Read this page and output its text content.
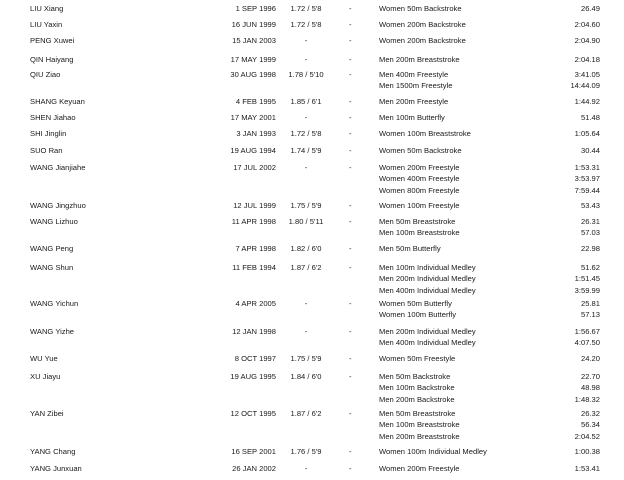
LIU Xiang	1 SEP 1996	1.72 / 5'8	-	Women 50m Backstroke	26.49
LIU Yaxin	16 JUN 1999	1.72 / 5'8	-	Women 200m Backstroke	2:04.60
PENG Xuwei	15 JAN 2003	-	-	Women 200m Backstroke	2:04.90
QIN Haiyang	17 MAY 1999	-	-	Men 200m Breaststroke	2:04.18
QIU Ziao	30 AUG 1998	1.78 / 5'10	-	Men 400m Freestyle	3:41.05
Men 1500m Freestyle	14:44.09
SHANG Keyuan	4 FEB 1995	1.85 / 6'1	-	Men 200m Freestyle	1:44.92
SHEN Jiahao	17 MAY 2001	-	-	Men 100m Butterfly	51.48
SHI Jinglin	3 JAN 1993	1.72 / 5'8	-	Women 100m Breaststroke	1:05.64
SUO Ran	19 AUG 1994	1.74 / 5'9	-	Women 50m Backstroke	30.44
WANG Jianjiahe	17 JUL 2002	-	-	Women 200m Freestyle	1:53.31
Women 400m Freestyle	3:53.97
Women 800m Freestyle	7:59.44
WANG Jingzhuo	12 JUL 1999	1.75 / 5'9	-	Women 100m Freestyle	53.43
WANG Lizhuo	11 APR 1998	1.80 / 5'11	-	Men 50m Breaststroke	26.31
Men 100m Breaststroke	57.03
WANG Peng	7 APR 1998	1.82 / 6'0	-	Men 50m Butterfly	22.98
WANG Shun	11 FEB 1994	1.87 / 6'2	-	Men 100m Individual Medley	51.62
Men 200m Individual Medley	1:51.45
Men 400m Individual Medley	3:59.99
WANG Yichun	4 APR 2005	-	-	Women 50m Butterfly	25.81
Women 100m Butterfly	57.13
WANG Yizhe	12 JAN 1998	-	-	Men 200m Individual Medley	1:56.67
Men 400m Individual Medley	4:07.50
WU Yue	8 OCT 1997	1.75 / 5'9	-	Women 50m Freestyle	24.20
XU Jiayu	19 AUG 1995	1.84 / 6'0	-	Men 50m Backstroke	22.70
Men 100m Backstroke	48.98
Men 200m Backstroke	1:48.32
YAN Zibei	12 OCT 1995	1.87 / 6'2	-	Men 50m Breaststroke	26.32
Men 100m Breaststroke	56.34
Men 200m Breaststroke	2:04.52
YANG Chang	16 SEP 2001	1.76 / 5'9	-	Women 100m Individual Medley	1:00.38
YANG Junxuan	26 JAN 2002	-	-	Women 200m Freestyle	1:53.41
